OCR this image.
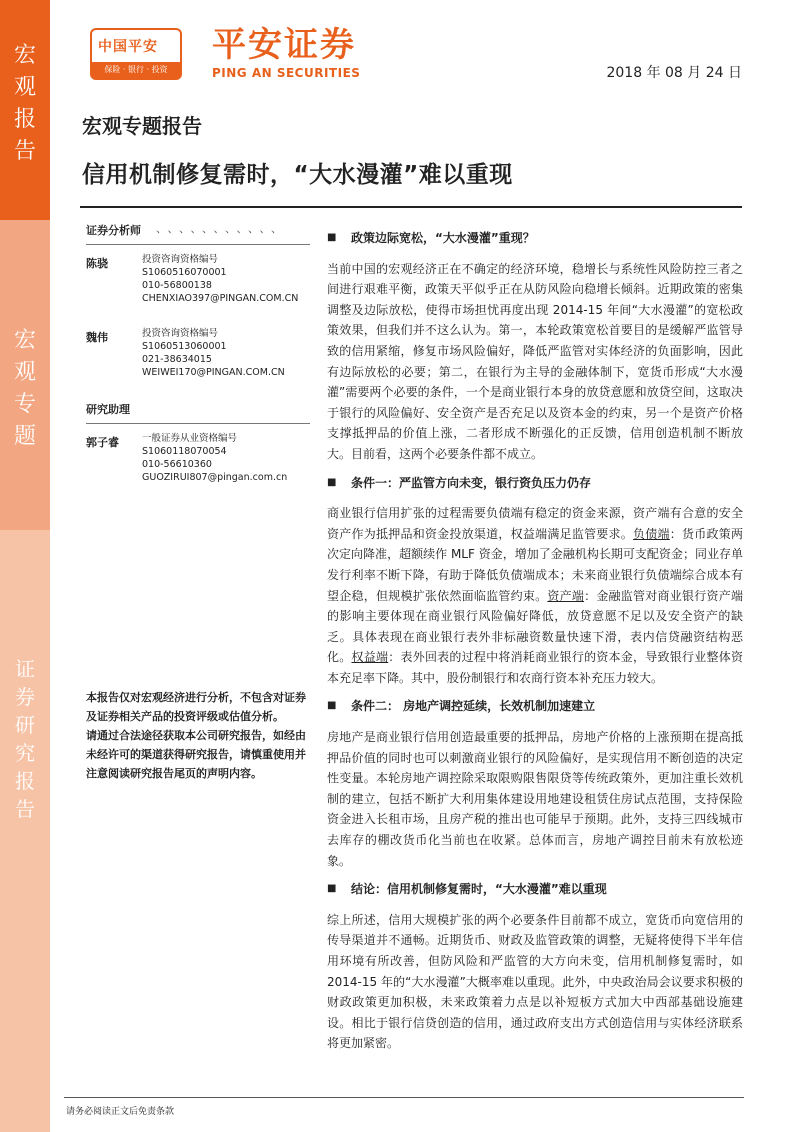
宏
观
报
告
宏
观
专
题
证
券
研
究
报
告
中国平安
保险 · 银行 · 投资
平安证券
PING AN SECURITIES	2018 年 08 月 24 日
宏观专题报告
信用机制修复需时，“大水漫灌”难以重现
证券分析师 、、、、、、、、、、、
陈骁	投资咨询资格编号
S1060516070001
010-56800138
CHENXIAO397@PINGAN.COM.CN
魏伟	投资咨询资格编号
S1060513060001
021-38634015
WEIWEI170@PINGAN.COM.CN
研究助理
郭子睿	一般证券从业资格编号
S1060118070054
010-56610360
GUOZIRUI807@pingan.com.cn

本报告仅对宏观经济进行分析，不包含对证券及证券相关产品的投资评级或估值分析。

请通过合法途径获取本公司研究报告，如经由未经许可的渠道获得研究报告，请慎重使用并注意阅读研究报告尾页的声明内容。

■	政策边际宽松，“大水漫灌”重现？
当前中国的宏观经济正在不确定的经济环境，稳增长与系统性风险防控三者之间进行艰难平衡，政策天平似乎正在从防风险向稳增长倾斜。近期政策的密集调整及边际放松，使得市场担忧再度出现 2014-15 年间“大水漫灌”的宽松政策效果，但我们并不这么认为。第一，本轮政策宽松首要目的是缓解严监管导致的信用紧缩，修复市场风险偏好，降低严监管对实体经济的负面影响，因此有边际放松的必要；第二，在银行为主导的金融体制下，宽货币形成“大水漫灌”需要两个必要的条件，一个是商业银行本身的放贷意愿和放贷空间，这取决于银行的风险偏好、安全资产是否充足以及资本金的约束，另一个是资产价格支撑抵押品的价值上涨，二者形成不断强化的正反馈，信用创造机制不断放大。目前看，这两个必要条件都不成立。
■	条件一：严监管方向未变，银行资负压力仍存
商业银行信用扩张的过程需要负债端有稳定的资金来源，资产端有合意的安全资产作为抵押品和资金投放渠道，权益端满足监管要求。负债端：货币政策两次定向降准，超额续作 MLF 资金，增加了金融机构长期可支配资金；同业存单发行利率不断下降，有助于降低负债端成本；未来商业银行负债端综合成本有望企稳，但规模扩张依然面临监管约束。资产端：金融监管对商业银行资产端的影响主要体现在商业银行风险偏好降低，放贷意愿不足以及安全资产的缺乏。具体表现在商业银行表外非标融资数量快速下滑，表内信贷融资结构恶化。权益端：表外回表的过程中将消耗商业银行的资本金，导致银行业整体资本充足率下降。其中，股份制银行和农商行资本补充压力较大。
■	条件二： 房地产调控延续，长效机制加速建立
房地产是商业银行信用创造最重要的抵押品，房地产价格的上涨预期在提高抵押品价值的同时也可以刺激商业银行的风险偏好，是实现信用不断创造的决定性变量。本轮房地产调控除采取限购限售限贷等传统政策外，更加注重长效机制的建立，包括不断扩大利用集体建设用地建设租赁住房试点范围，支持保险资金进入长租市场，且房产税的推出也可能早于预期。此外，支持三四线城市去库存的棚改货币化当前也在收紧。总体而言，房地产调控目前未有放松迹象。
■	结论：信用机制修复需时，“大水漫灌”难以重现
综上所述，信用大规模扩张的两个必要条件目前都不成立，宽货币向宽信用的传导渠道并不通畅。近期货币、财政及监管政策的调整，无疑将使得下半年信用环境有所改善，但防风险和严监管的大方向未变，信用机制修复需时，如 2014-15 年的“大水漫灌”大概率难以重现。此外，中央政治局会议要求积极的财政政策更加积极，未来政策着力点是以补短板方式加大中西部基础设施建设。相比于银行信贷创造的信用，通过政府支出方式创造信用与实体经济联系将更加紧密。
请务必阅读正文后免责条款
